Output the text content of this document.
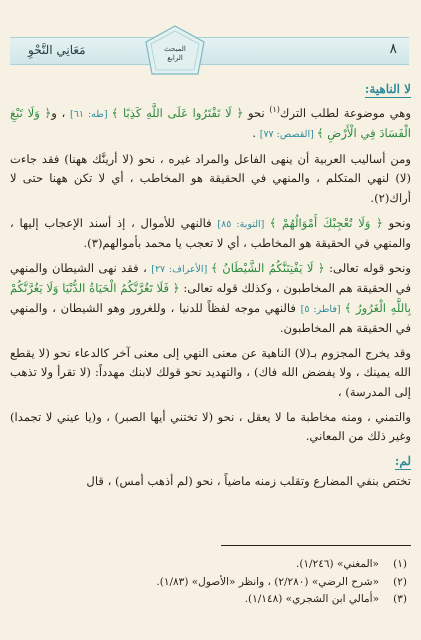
٨
مَعَانِي النَّحْوِ	المبحث
الرابع
لا الناهية:

وهي موضوعة لطلب الترك$^{(١)}$ نحو ﴿ لَا تَفْتَرُوا عَلَى اللَّهِ كَذِبًا ﴾ [طه: ٦١] ، و﴿ وَلَا تَبْغِ الْفَسَادَ فِي الْأَرْضِ ﴾ [القصص: ٧٧] .

ومن أساليب العربية أن ينهى الفاعل والمراد غيره ، نحو (لا أرينَّك ههنا) فقد جاءت (لا) لنهي المتكلم ، والمنهي في الحقيقة هو المخاطب ، أي لا تكن ههنا حتى لا أراك(٢).

ونحو ﴿ وَلَا تُعْجِبْكَ أَمْوَالُهُمْ ﴾ [التوبة: ٨٥] فالنهي للأموال ، إذ أسند الإعجاب إليها ، والمنهي في الحقيقة هو المخاطب ، أي لا تعجب يا محمد بأموالهم(٣).

ونحو قوله تعالى: ﴿ لَا يَفْتِنَنَّكُمُ الشَّيْطَانُ ﴾ [الأعراف: ٢٧] ، فقد نهى الشيطان والمنهي في الحقيقة هم المخاطبون ، وكذلك قوله تعالى: ﴿ فَلَا تَغُرَّنَّكُمُ الْحَيَاةُ الدُّنْيَا وَلَا يَغُرَّنَّكُمْ بِاللَّهِ الْغَرُورُ ﴾ [فاطر: ٥] فالنهي موجه لفظاً للدنيا ، وللغرور وهو الشيطان ، والمنهي في الحقيقة هم المخاطبون.

وقد يخرج المجزوم بـ(لا) الناهية عن معنى النهي إلى معنى آخر كالدعاء نحو (لا يقطع الله يمينك ، ولا يفضض الله فاك) ، والتهديد نحو قولك لابنك مهدداً: (لا تقرأ ولا تذهب إلى المدرسة) ،

والتمني ، ومنه مخاطبة ما لا يعقل ، نحو (لا تختني أيها الصبر) ، و(يا عيني لا تجمدا) وغير ذلك من المعاني.

لم:

تختص بنفي المضارع وتقلب زمنه ماضياً ، نحو (لم أذهب أمس) ، قال

(١)«المغني» (١/٢٤٦).
(٢)«شرح الرضي» (٢/٢٨٠) ، وانظر «الأصول» (١/٨٣).
(٣)«أمالي ابن الشجري» (١/١٤٨).
